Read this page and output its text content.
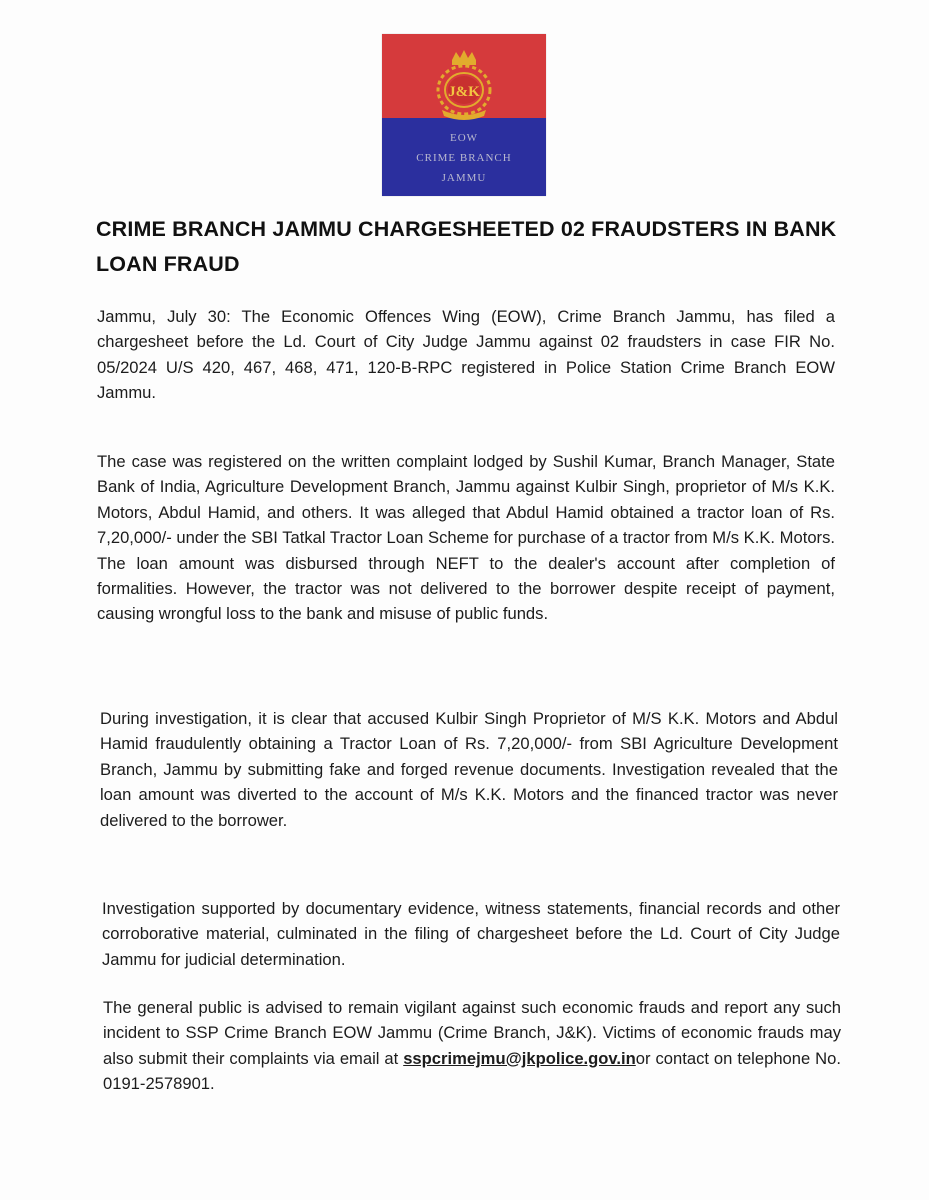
J&K
EOW
CRIME BRANCH
JAMMU
CRIME BRANCH JAMMU CHARGESHEETED 02 FRAUDSTERS IN BANK LOAN FRAUD

Jammu, July 30: The Economic Offences Wing (EOW), Crime Branch Jammu, has filed a chargesheet before the Ld. Court of City Judge Jammu against 02 fraudsters in case FIR No. 05/2024 U/S 420, 467, 468, 471, 120-B-RPC registered in Police Station Crime Branch EOW Jammu.

The case was registered on the written complaint lodged by Sushil Kumar, Branch Manager, State Bank of India, Agriculture Development Branch, Jammu against Kulbir Singh, proprietor of M/s K.K. Motors, Abdul Hamid, and others. It was alleged that Abdul Hamid obtained a tractor loan of Rs. 7,20,000/- under the SBI Tatkal Tractor Loan Scheme for purchase of a tractor from M/s K.K. Motors. The loan amount was disbursed through NEFT to the dealer's account after completion of formalities. However, the tractor was not delivered to the borrower despite receipt of payment, causing wrongful loss to the bank and misuse of public funds.

During investigation, it is clear that accused Kulbir Singh Proprietor of M/S K.K. Motors and Abdul Hamid fraudulently obtaining a Tractor Loan of Rs. 7,20,000/- from SBI Agriculture Development Branch, Jammu by submitting fake and forged revenue documents. Investigation revealed that the loan amount was diverted to the account of M/s K.K. Motors and the financed tractor was never delivered to the borrower.

Investigation supported by documentary evidence, witness statements, financial records and other corroborative material, culminated in the filing of chargesheet before the Ld. Court of City Judge Jammu for judicial determination.

The general public is advised to remain vigilant against such economic frauds and report any such incident to SSP Crime Branch EOW Jammu (Crime Branch, J&K). Victims of economic frauds may also submit their complaints via email at sspcrimejmu@jkpolice.gov.inor contact on telephone No. 0191-2578901.
